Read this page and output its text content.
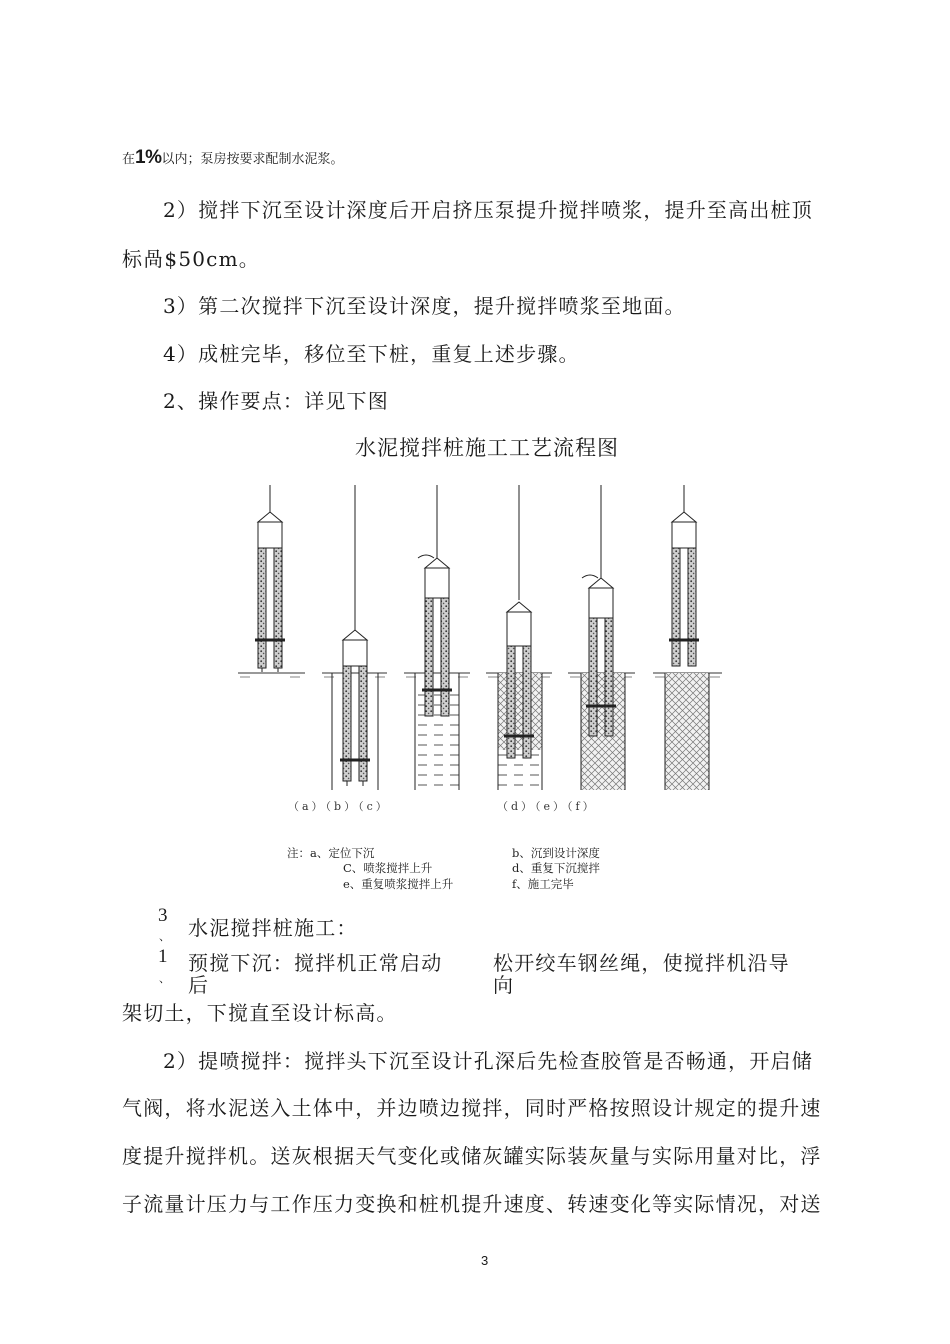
在1%以内；泵房按要求配制水泥浆。
2）搅拌下沉至设计深度后开启挤压泵提升搅拌喷浆，提升至高出桩顶
标咼$50cm。
3）第二次搅拌下沉至设计深度，提升搅拌喷浆至地面。
4）成桩完毕，移位至下桩，重复上述步骤。
2、操作要点：详见下图
水泥搅拌桩施工工艺流程图
（a）（b）（c）	（d）（e）（f）
注：a、定位下沉	b、沉到设计深度
C、喷浆搅拌上升	d、重复下沉搅拌
e、重复喷浆搅拌上升	f、施工完毕
3
水泥搅拌桩施工：
、
1 预搅下沉：搅拌机正常启动	松开绞车钢丝绳，使搅拌机沿导
后	向
、
架切土，下搅直至设计标高。
2）提喷搅拌：搅拌头下沉至设计孔深后先检查胶管是否畅通，开启储
气阀，将水泥送入土体中，并边喷边搅拌，同时严格按照设计规定的提升速
度提升搅拌机。送灰根据天气变化或储灰罐实际装灰量与实际用量对比，浮
子流量计压力与工作压力变换和桩机提升速度、转速变化等实际情况，对送
3
